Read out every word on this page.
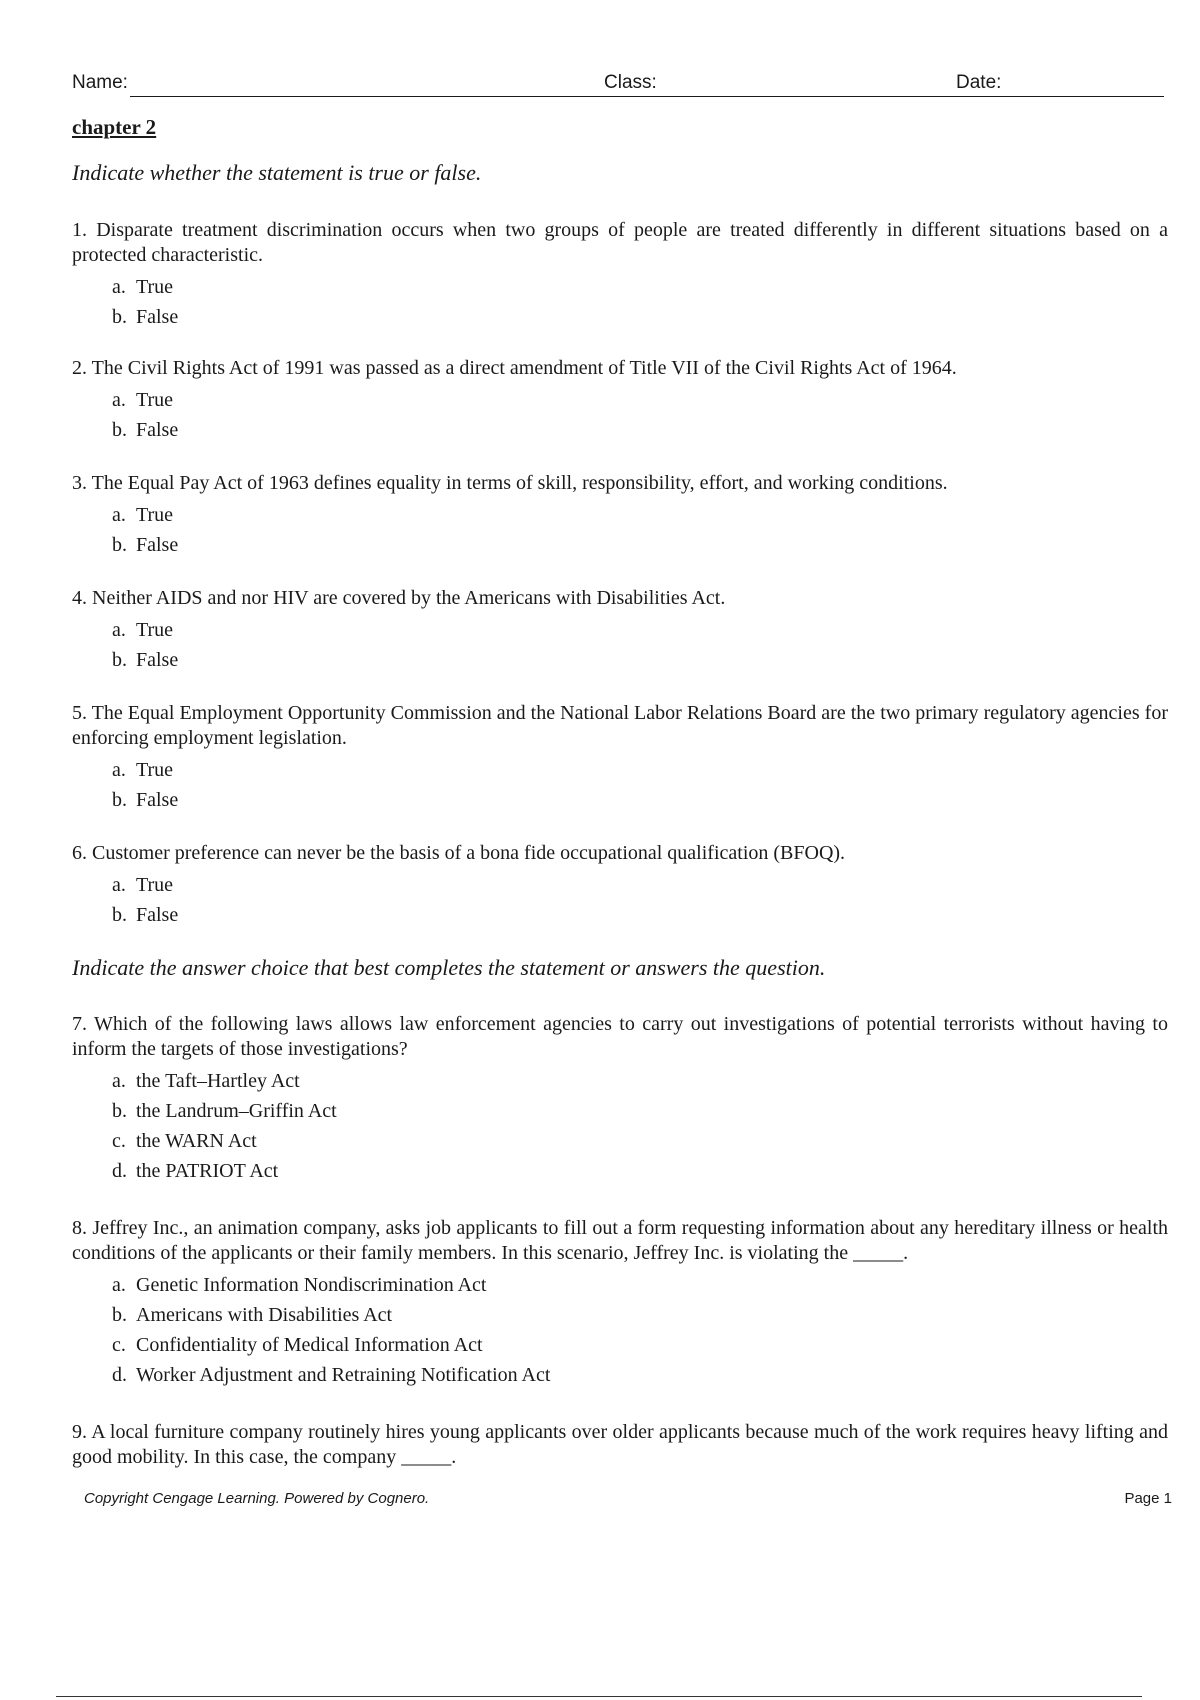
Name:	Class:	Date:
chapter 2
Indicate whether the statement is true or false.

1. Disparate treatment discrimination occurs when two groups of people are treated differently in different situations based on a protected characteristic.

a. True
b. False

2. The Civil Rights Act of 1991 was passed as a direct amendment of Title VII of the Civil Rights Act of 1964.

a. True
b. False

3. The Equal Pay Act of 1963 defines equality in terms of skill, responsibility, effort, and working conditions.

a. True
b. False

4. Neither AIDS and nor HIV are covered by the Americans with Disabilities Act.

a. True
b. False

5. The Equal Employment Opportunity Commission and the National Labor Relations Board are the two primary regulatory agencies for enforcing employment legislation.

a. True
b. False

6. Customer preference can never be the basis of a bona fide occupational qualification (BFOQ).

a. True
b. False

7. Which of the following laws allows law enforcement agencies to carry out investigations of potential terrorists without having to inform the targets of those investigations?

a. the Taft–Hartley Act
b. the Landrum–Griffin Act
c. the WARN Act
d. the PATRIOT Act

8. Jeffrey Inc., an animation company, asks job applicants to fill out a form requesting information about any hereditary illness or health conditions of the applicants or their family members. In this scenario, Jeffrey Inc. is violating the _____.

a. Genetic Information Nondiscrimination Act
b. Americans with Disabilities Act
c. Confidentiality of Medical Information Act
d. Worker Adjustment and Retraining Notification Act

9. A local furniture company routinely hires young applicants over older applicants because much of the work requires heavy lifting and good mobility. In this case, the company _____.

Indicate the answer choice that best completes the statement or answers the question.
Copyright Cengage Learning. Powered by Cognero.	Page 1
